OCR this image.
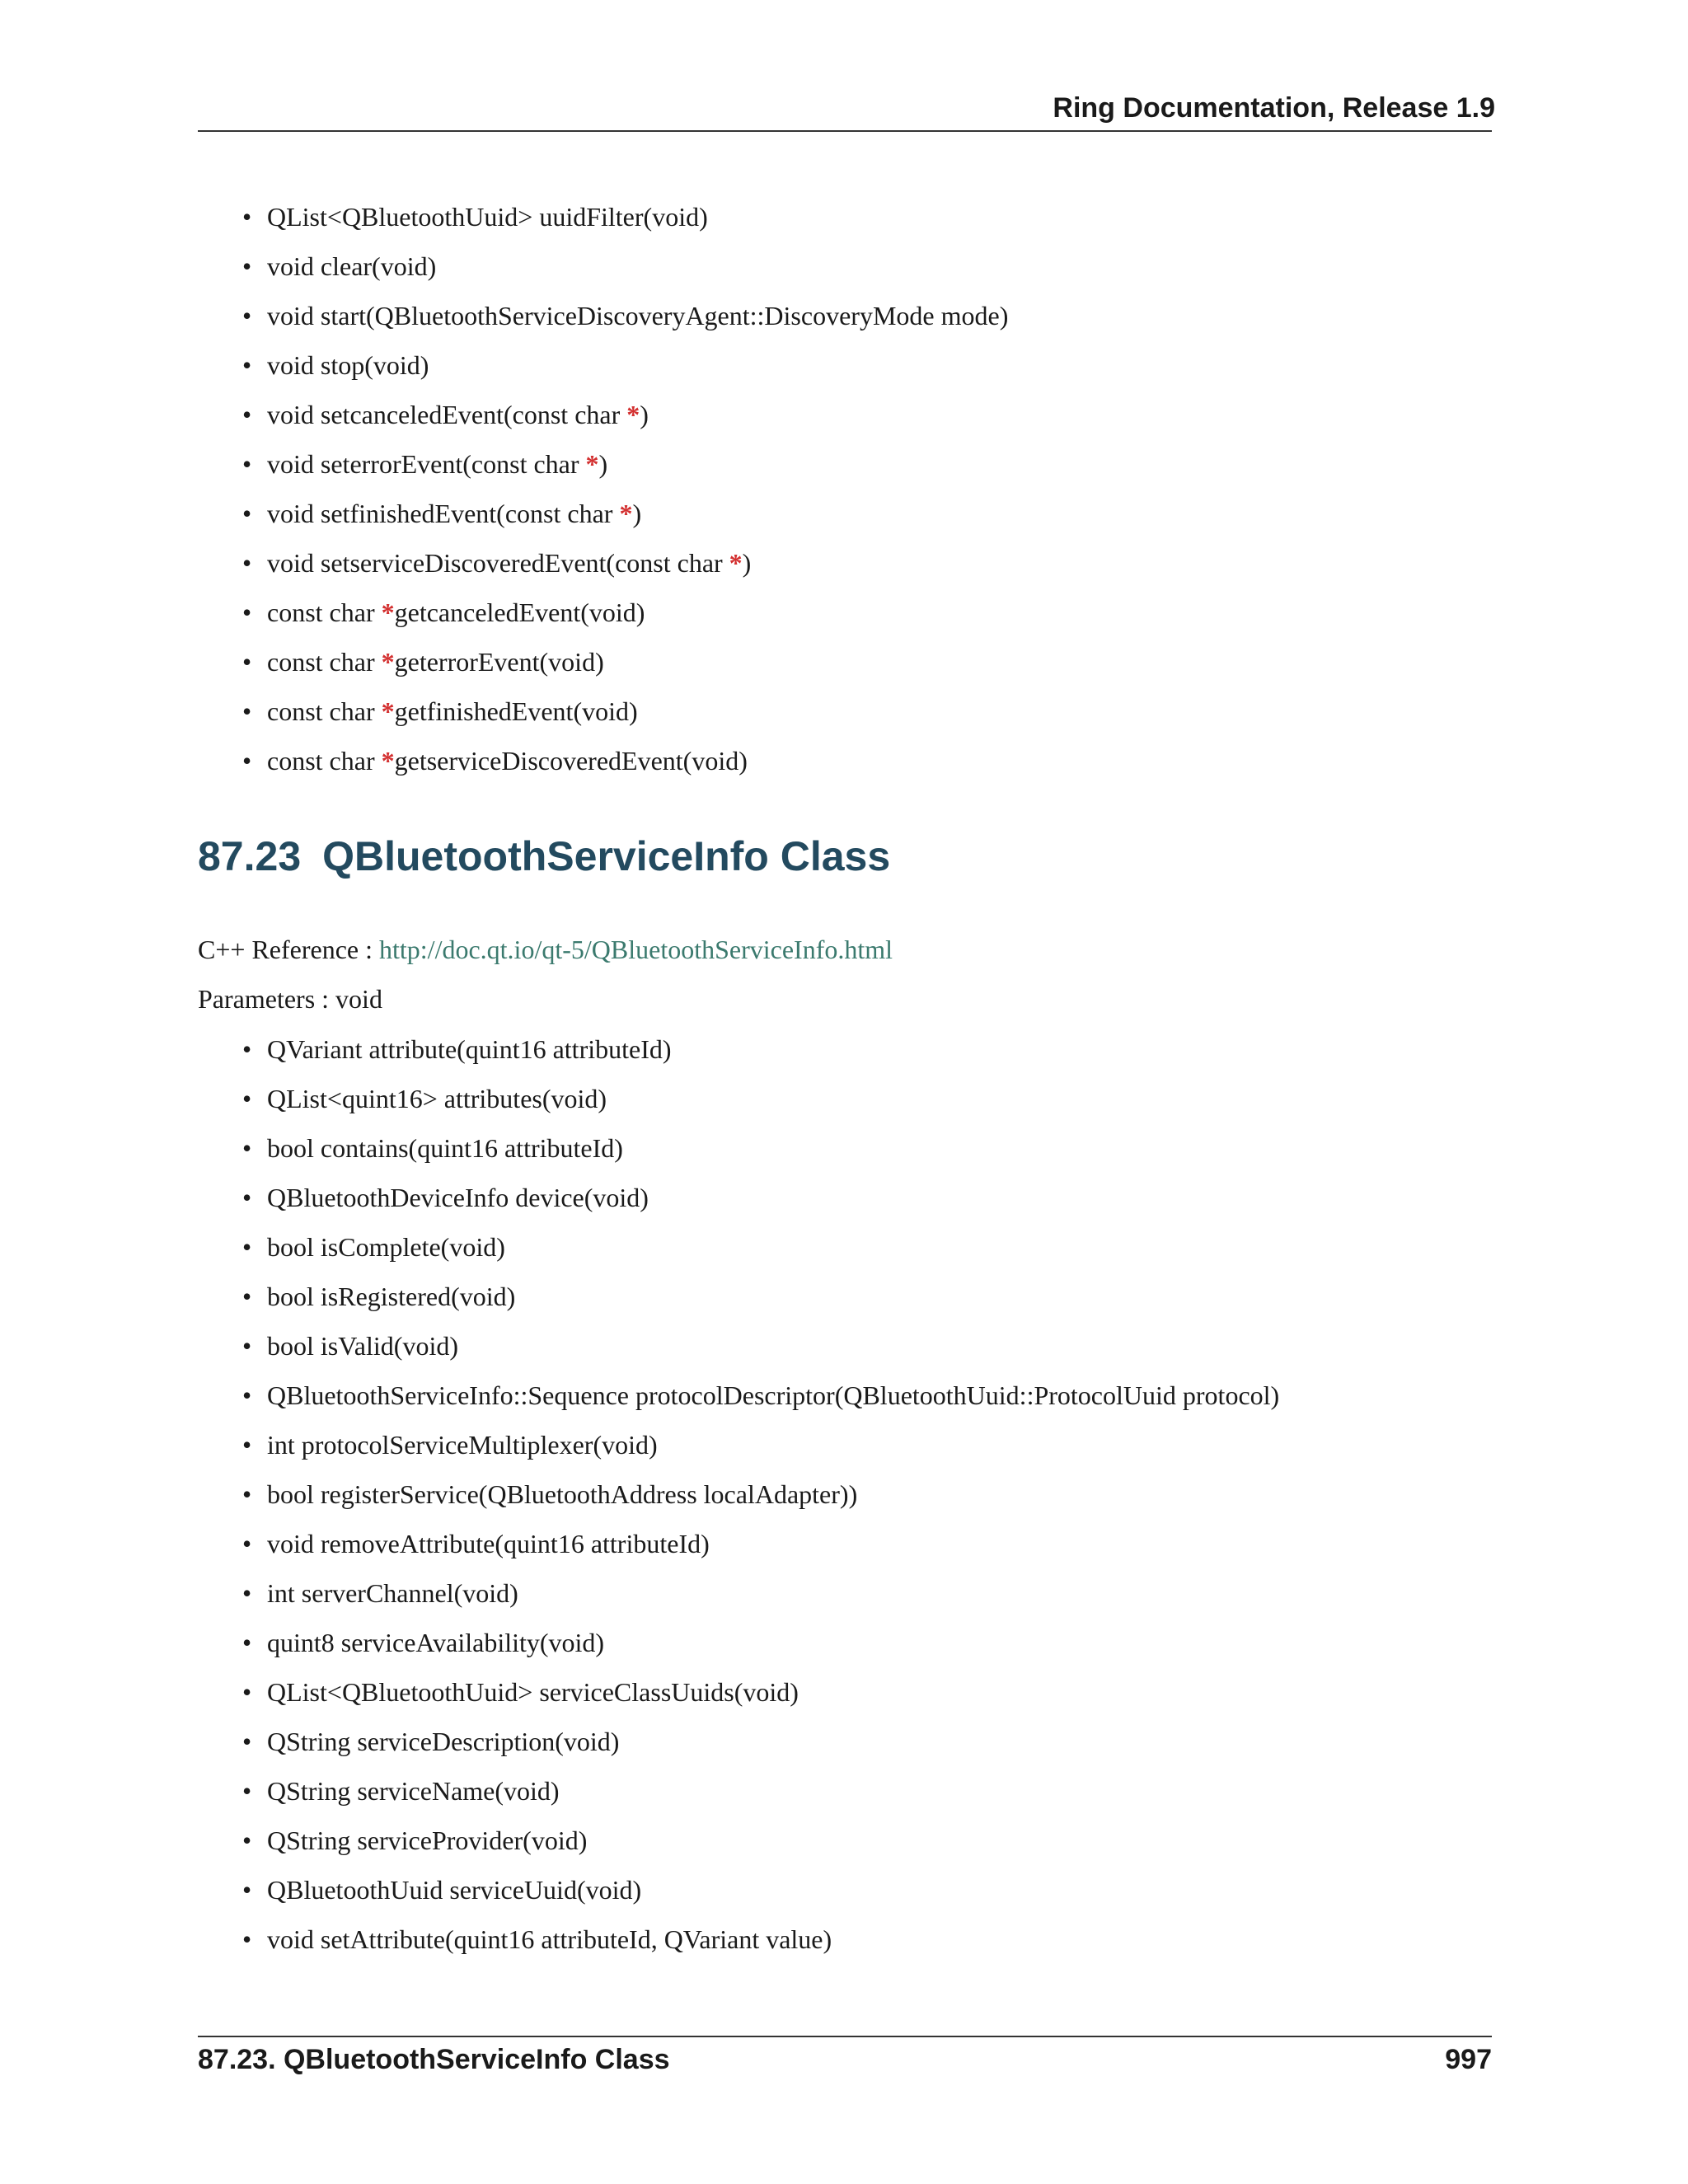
Ring Documentation, Release 1.9
• QList<QBluetoothUuid> uuidFilter(void)
• void clear(void)
• void start(QBluetoothServiceDiscoveryAgent::DiscoveryMode mode)
• void stop(void)
• void setcanceledEvent(const char *)
• void seterrorEvent(const char *)
• void setfinishedEvent(const char *)
• void setserviceDiscoveredEvent(const char *)
• const char *getcanceledEvent(void)
• const char *geterrorEvent(void)
• const char *getfinishedEvent(void)
• const char *getserviceDiscoveredEvent(void)
87.23 QBluetoothServiceInfo Class
C++ Reference : http://doc.qt.io/qt-5/QBluetoothServiceInfo.html
Parameters : void
• QVariant attribute(quint16 attributeId)
• QList<quint16> attributes(void)
• bool contains(quint16 attributeId)
• QBluetoothDeviceInfo device(void)
• bool isComplete(void)
• bool isRegistered(void)
• bool isValid(void)
• QBluetoothServiceInfo::Sequence protocolDescriptor(QBluetoothUuid::ProtocolUuid protocol)
• int protocolServiceMultiplexer(void)
• bool registerService(QBluetoothAddress localAdapter))
• void removeAttribute(quint16 attributeId)
• int serverChannel(void)
• quint8 serviceAvailability(void)
• QList<QBluetoothUuid> serviceClassUuids(void)
• QString serviceDescription(void)
• QString serviceName(void)
• QString serviceProvider(void)
• QBluetoothUuid serviceUuid(void)
• void setAttribute(quint16 attributeId, QVariant value)
87.23. QBluetoothServiceInfo Class	997
